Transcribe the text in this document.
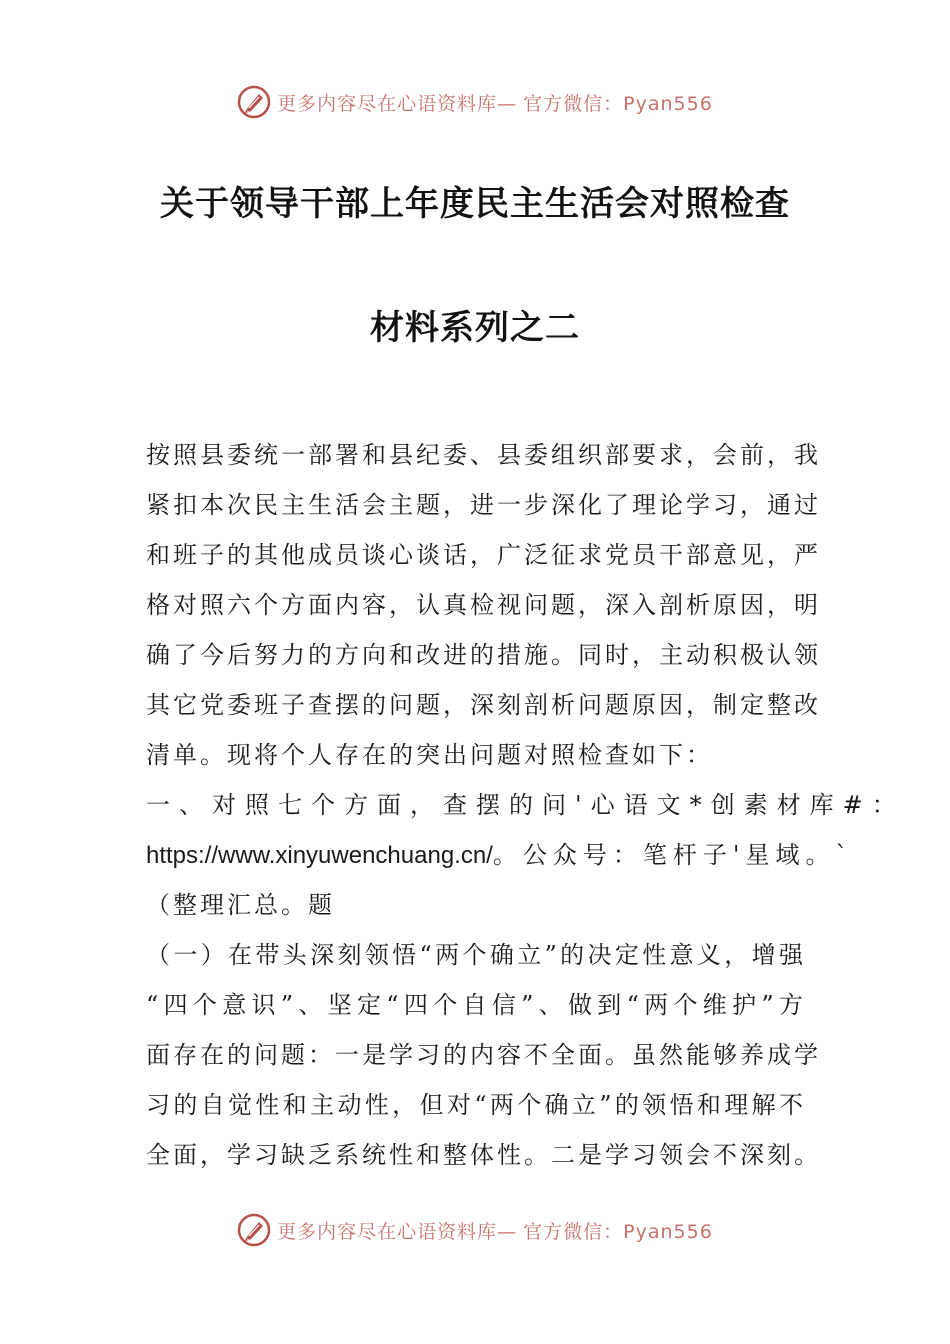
更多内容尽在心语资料库— 官方微信：Pyan556
关于领导干部上年度民主生活会对照检查
材料系列之二
按照县委统一部署和县纪委、县委组织部要求，会前，我
紧扣本次民主生活会主题，进一步深化了理论学习，通过
和班子的其他成员谈心谈话，广泛征求党员干部意见，严
格对照六个方面内容，认真检视问题，深入剖析原因，明
确了今后努力的方向和改进的措施。同时，主动积极认领
其它党委班子查摆的问题，深刻剖析问题原因，制定整改
清单。现将个人存在的突出问题对照检查如下：
一、对照七个方面，查摆的问'心语文*创素材库#：
https://www.xinyuwenchuang.cn/。公众号：笔杆子'星域。`
（整理汇总。题
（一）在带头深刻领悟“两个确立”的决定性意义，增强
“四个意识”、坚定“四个自信”、做到“两个维护”方
面存在的问题：一是学习的内容不全面。虽然能够养成学
习的自觉性和主动性，但对“两个确立”的领悟和理解不
全面，学习缺乏系统性和整体性。二是学习领会不深刻。
更多内容尽在心语资料库— 官方微信：Pyan556
